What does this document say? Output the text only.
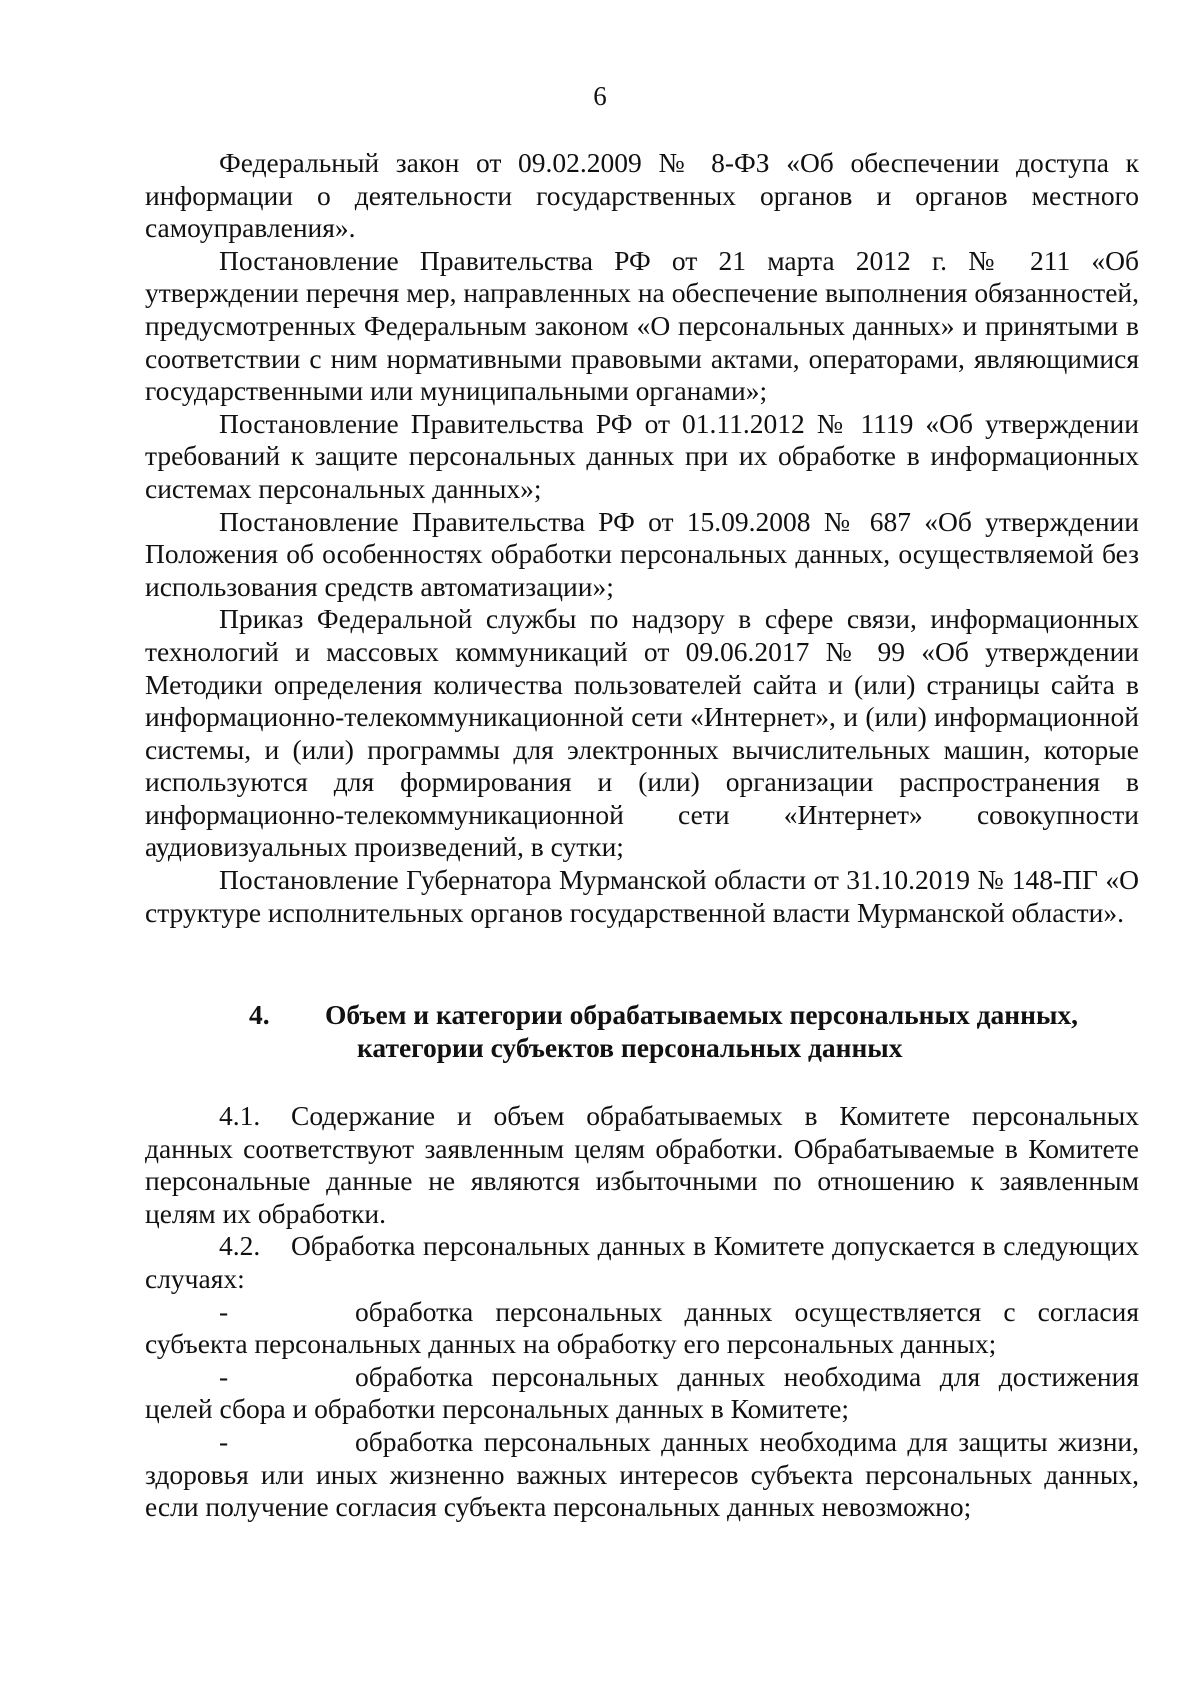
6

Федеральный закон от 09.02.2009 № 8-ФЗ «Об обеспечении доступа к информации о деятельности государственных органов и органов местного самоуправления».

Постановление Правительства РФ от 21 марта 2012 г. № 211 «Об утверждении перечня мер, направленных на обеспечение выполнения обязанностей, предусмотренных Федеральным законом «О персональных данных» и принятыми в соответствии с ним нормативными правовыми актами, операторами, являющимися государственными или муниципальными органами»;

Постановление Правительства РФ от 01.11.2012 № 1119 «Об утверждении требований к защите персональных данных при их обработке в информационных системах персональных данных»;

Постановление Правительства РФ от 15.09.2008 № 687 «Об утверждении Положения об особенностях обработки персональных данных, осуществляемой без использования средств автоматизации»;

Приказ Федеральной службы по надзору в сфере связи, информационных технологий и массовых коммуникаций от 09.06.2017 № 99 «Об утверждении Методики определения количества пользователей сайта и (или) страницы сайта в информационно-телекоммуникационной сети «Интернет», и (или) информационной системы, и (или) программы для электронных вычислительных машин, которые используются для формирования и (или) организации распространения в информационно-телекоммуникационной сети «Интернет» совокупности аудиовизуальных произведений, в сутки;

Постановление Губернатора Мурманской области от 31.10.2019 № 148-ПГ «О структуре исполнительных органов государственной власти Мурманской области».

4. Объем и категории обрабатываемых персональных данных,
категории субъектов персональных данных

4.1. Содержание и объем обрабатываемых в Комитете персональных данных соответствуют заявленным целям обработки. Обрабатываемые в Комитете персональные данные не являются избыточными по отношению к заявленным целям их обработки.

4.2. Обработка персональных данных в Комитете допускается в следующих случаях:

-	обработка персональных данных осуществляется с согласия субъекта персональных данных на обработку его персональных данных;

-	обработка персональных данных необходима для достижения целей сбора и обработки персональных данных в Комитете;

-	обработка персональных данных необходима для защиты жизни, здоровья или иных жизненно важных интересов субъекта персональных данных, если получение согласия субъекта персональных данных невозможно;
